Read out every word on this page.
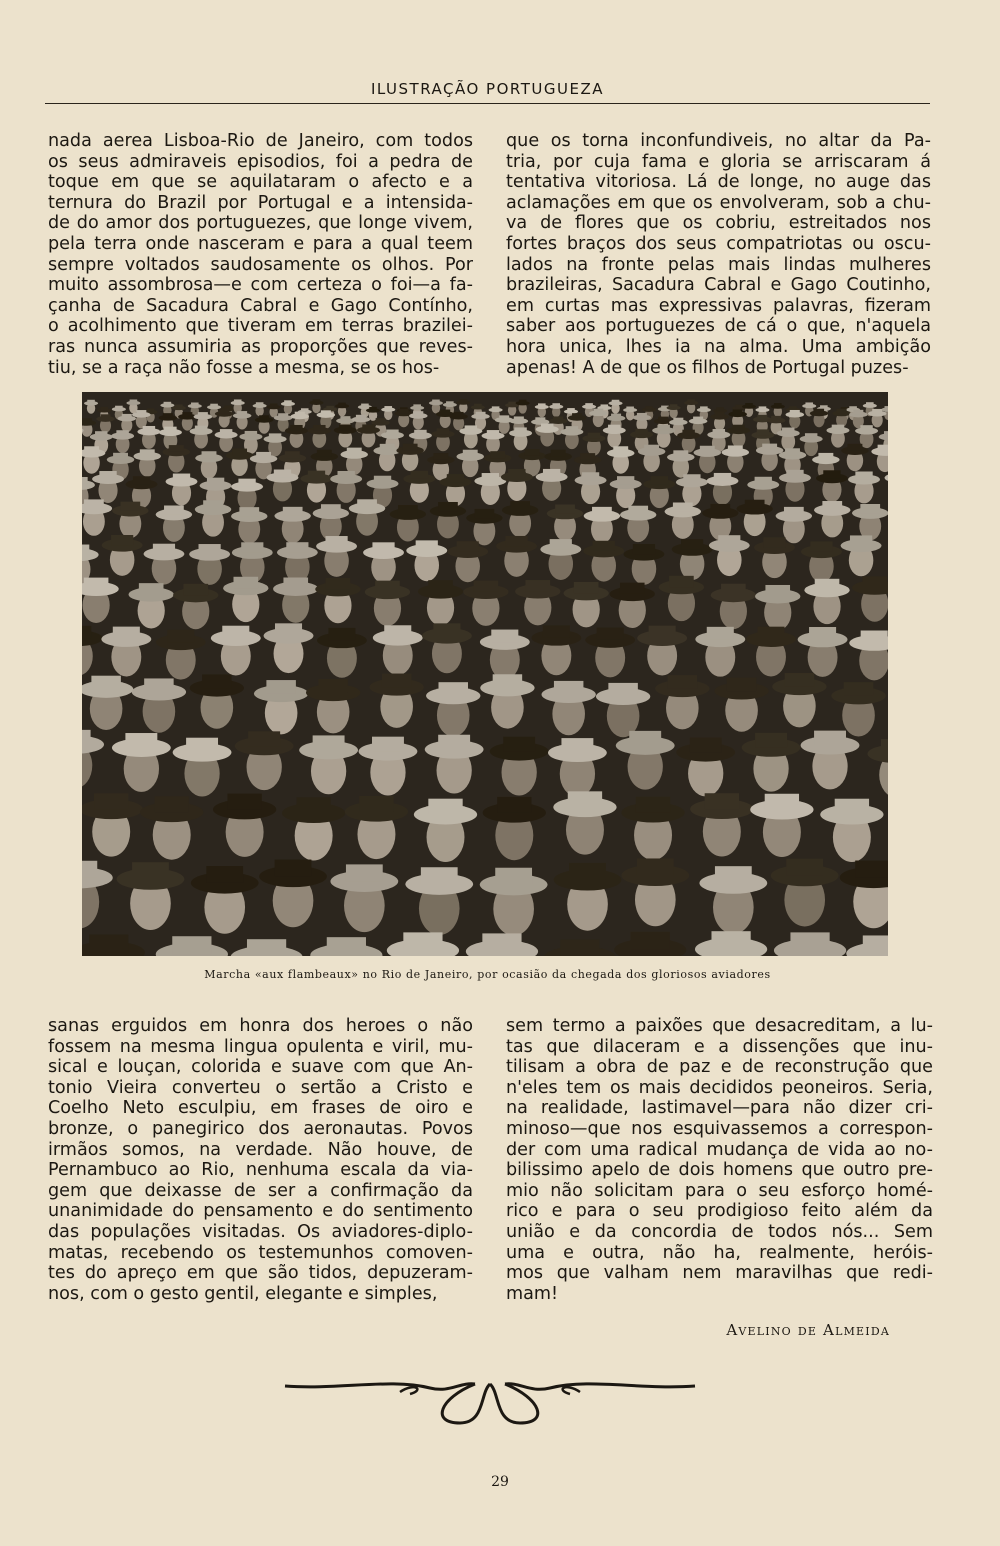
ILUSTRAÇÃO PORTUGUEZA
nada aerea Lisboa-Rio de Janeiro, com todos
os seus admiraveis episodios, foi a pedra de
toque em que se aquilataram o afecto e a
ternura do Brazil por Portugal e a intensida-
de do amor dos portuguezes, que longe vivem,
pela terra onde nasceram e para a qual teem
sempre voltados saudosamente os olhos. Por
muito assombrosa—e com certeza o foi—a fa-
çanha de Sacadura Cabral e Gago Contínho,
o acolhimento que tiveram em terras brazilei-
ras nunca assumiria as proporções que reves-
tiu, se a raça não fosse a mesma, se os hos-
que os torna inconfundiveis, no altar da Pa-
tria, por cuja fama e gloria se arriscaram á
tentativa vitoriosa. Lá de longe, no auge das
aclamações em que os envolveram, sob a chu-
va de flores que os cobriu, estreitados nos
fortes braços dos seus compatriotas ou oscu-
lados na fronte pelas mais lindas mulheres
brazileiras, Sacadura Cabral e Gago Coutinho,
em curtas mas expressivas palavras, fizeram
saber aos portuguezes de cá o que, n'aquela
hora unica, lhes ia na alma. Uma ambição
apenas! A de que os filhos de Portugal puzes-
Marcha «aux flambeaux» no Rio de Janeiro, por ocasião da chegada dos gloriosos aviadores
sanas erguidos em honra dos heroes o não
fossem na mesma lingua opulenta e viril, mu-
sical e louçan, colorida e suave com que An-
tonio Vieira converteu o sertão a Cristo e
Coelho Neto esculpiu, em frases de oiro e
bronze, o panegirico dos aeronautas. Povos
irmãos somos, na verdade. Não houve, de
Pernambuco ao Rio, nenhuma escala da via-
gem que deixasse de ser a confirmação da
unanimidade do pensamento e do sentimento
das populações visitadas. Os aviadores-diplo-
matas, recebendo os testemunhos comoven-
tes do apreço em que são tidos, depuzeram-
nos, com o gesto gentil, elegante e simples,
sem termo a paixões que desacreditam, a lu-
tas que dilaceram e a dissenções que inu-
tilisam a obra de paz e de reconstrução que
n'eles tem os mais decididos peoneiros. Seria,
na realidade, lastimavel—para não dizer cri-
minoso—que nos esquivassemos a correspon-
der com uma radical mudança de vida ao no-
bilissimo apelo de dois homens que outro pre-
mio não solicitam para o seu esforço homé-
rico e para o seu prodigioso feito além da
união e da concordia de todos nós... Sem
uma e outra, não ha, realmente, heróis-
mos que valham nem maravilhas que redi-
mam!
Avelino de Almeida
29
